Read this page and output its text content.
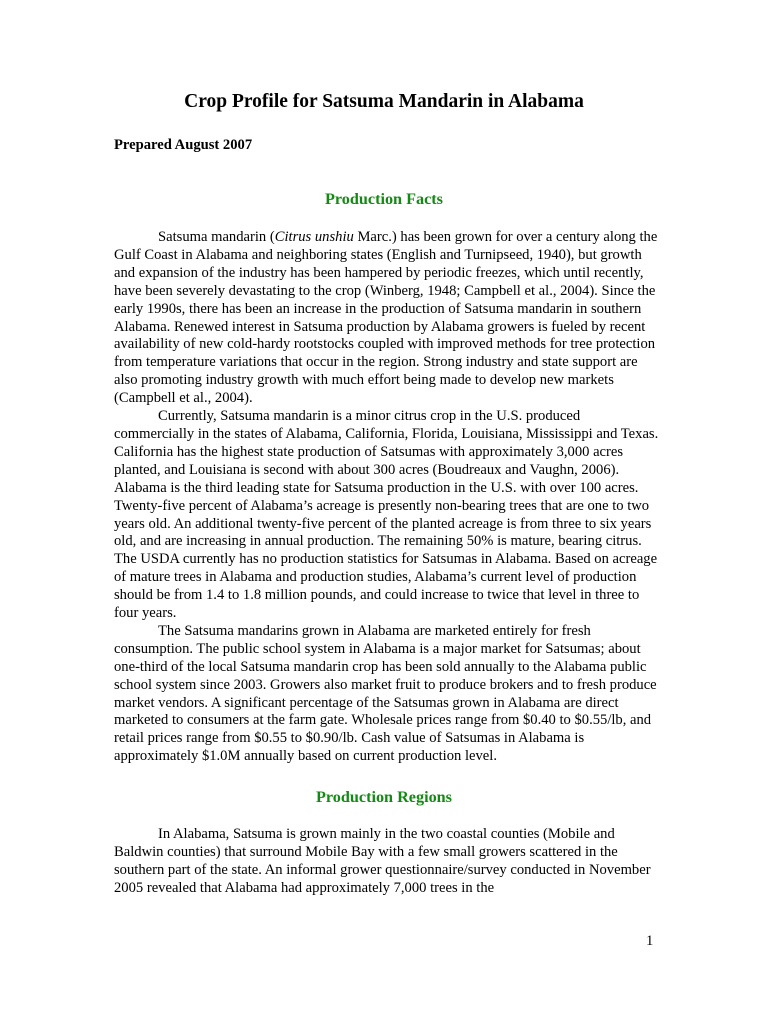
Crop Profile for Satsuma Mandarin in Alabama
Prepared August 2007
Production Facts

Satsuma mandarin (Citrus unshiu Marc.) has been grown for over a century along the Gulf Coast in Alabama and neighboring states (English and Turnipseed, 1940), but growth and expansion of the industry has been hampered by periodic freezes, which until recently, have been severely devastating to the crop (Winberg, 1948; Campbell et al., 2004). Since the early 1990s, there has been an increase in the production of Satsuma mandarin in southern Alabama. Renewed interest in Satsuma production by Alabama growers is fueled by recent availability of new cold-hardy rootstocks coupled with improved methods for tree protection from temperature variations that occur in the region. Strong industry and state support are also promoting industry growth with much effort being made to develop new markets (Campbell et al., 2004).

Currently, Satsuma mandarin is a minor citrus crop in the U.S. produced commercially in the states of Alabama, California, Florida, Louisiana, Mississippi and Texas. California has the highest state production of Satsumas with approximately 3,000 acres planted, and Louisiana is second with about 300 acres (Boudreaux and Vaughn, 2006). Alabama is the third leading state for Satsuma production in the U.S. with over 100 acres. Twenty-five percent of Alabama’s acreage is presently non-bearing trees that are one to two years old. An additional twenty-five percent of the planted acreage is from three to six years old, and are increasing in annual production. The remaining 50% is mature, bearing citrus. The USDA currently has no production statistics for Satsumas in Alabama. Based on acreage of mature trees in Alabama and production studies, Alabama’s current level of production should be from 1.4 to 1.8 million pounds, and could increase to twice that level in three to four years.

The Satsuma mandarins grown in Alabama are marketed entirely for fresh consumption. The public school system in Alabama is a major market for Satsumas; about one-third of the local Satsuma mandarin crop has been sold annually to the Alabama public school system since 2003. Growers also market fruit to produce brokers and to fresh produce market vendors. A significant percentage of the Satsumas grown in Alabama are direct marketed to consumers at the farm gate. Wholesale prices range from $0.40 to $0.55/lb, and retail prices range from $0.55 to $0.90/lb. Cash value of Satsumas in Alabama is approximately $1.0M annually based on current production level.

Production Regions

In Alabama, Satsuma is grown mainly in the two coastal counties (Mobile and Baldwin counties) that surround Mobile Bay with a few small growers scattered in the southern part of the state. An informal grower questionnaire/survey conducted in November 2005 revealed that Alabama had approximately 7,000 trees in the

1
